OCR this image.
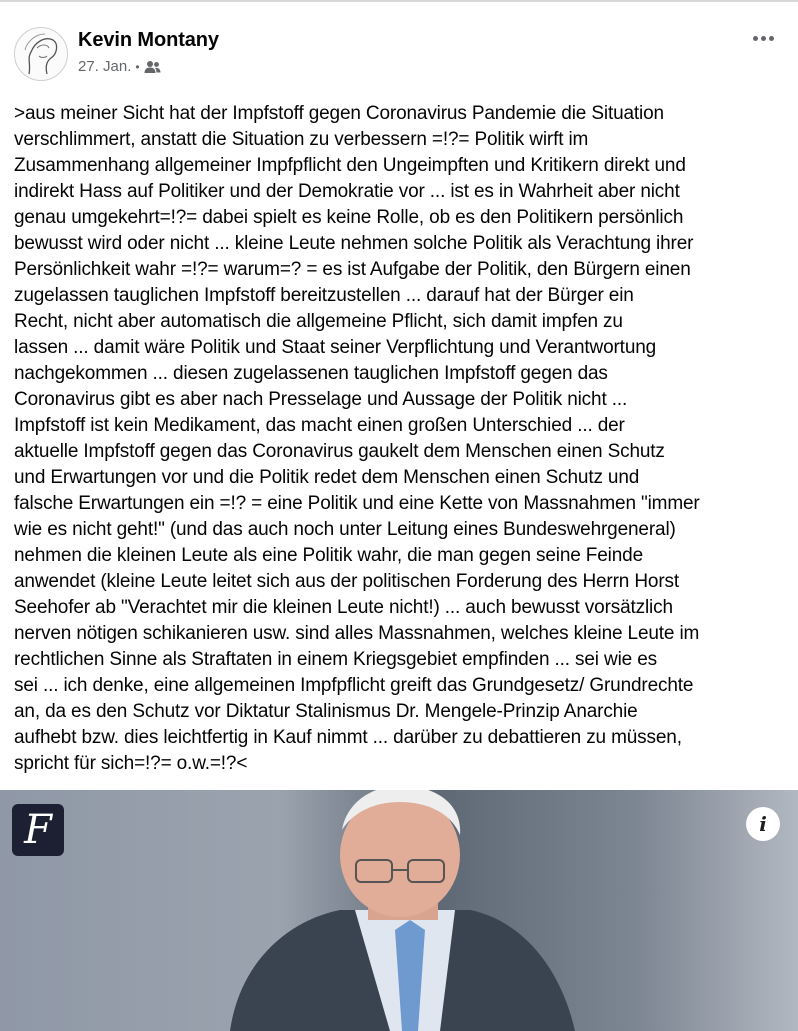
Kevin Montany
27. Jan. •

>aus meiner Sicht hat der Impfstoff gegen Coronavirus Pandemie die Situation
verschlimmert, anstatt die Situation zu verbessern =!?= Politik wirft im
Zusammenhang allgemeiner Impfpflicht den Ungeimpften und Kritikern direkt und
indirekt Hass auf Politiker und der Demokratie vor ... ist es in Wahrheit aber nicht
genau umgekehrt=!?= dabei spielt es keine Rolle, ob es den Politikern persönlich
bewusst wird oder nicht ... kleine Leute nehmen solche Politik als Verachtung ihrer
Persönlichkeit wahr =!?= warum=? = es ist Aufgabe der Politik, den Bürgern einen
zugelassen tauglichen Impfstoff bereitzustellen ... darauf hat der Bürger ein
Recht, nicht aber automatisch die allgemeine Pflicht, sich damit impfen zu
lassen ... damit wäre Politik und Staat seiner Verpflichtung und Verantwortung
nachgekommen ... diesen zugelassenen tauglichen Impfstoff gegen das
Coronavirus gibt es aber nach Presselage und Aussage der Politik nicht ...
Impfstoff ist kein Medikament, das macht einen großen Unterschied ... der
aktuelle Impfstoff gegen das Coronavirus gaukelt dem Menschen einen Schutz
und Erwartungen vor und die Politik redet dem Menschen einen Schutz und
falsche Erwartungen ein =!? = eine Politik und eine Kette von Massnahmen "immer
wie es nicht geht!" (und das auch noch unter Leitung eines Bundeswehrgeneral)
nehmen die kleinen Leute als eine Politik wahr, die man gegen seine Feinde
anwendet (kleine Leute leitet sich aus der politischen Forderung des Herrn Horst
Seehofer ab "Verachtet mir die kleinen Leute nicht!) ... auch bewusst vorsätzlich
nerven nötigen schikanieren usw. sind alles Massnahmen, welches kleine Leute im
rechtlichen Sinne als Straftaten in einem Kriegsgebiet empfinden ... sei wie es
sei ... ich denke, eine allgemeinen Impfpflicht greift das Grundgesetz/ Grundrechte
an, da es den Schutz vor Diktatur Stalinismus Dr. Mengele-Prinzip Anarchie
aufhebt bzw. dies leichtfertig in Kauf nimmt ... darüber zu debattieren zu müssen,
spricht für sich=!?= o.w.=!?<

F	i
